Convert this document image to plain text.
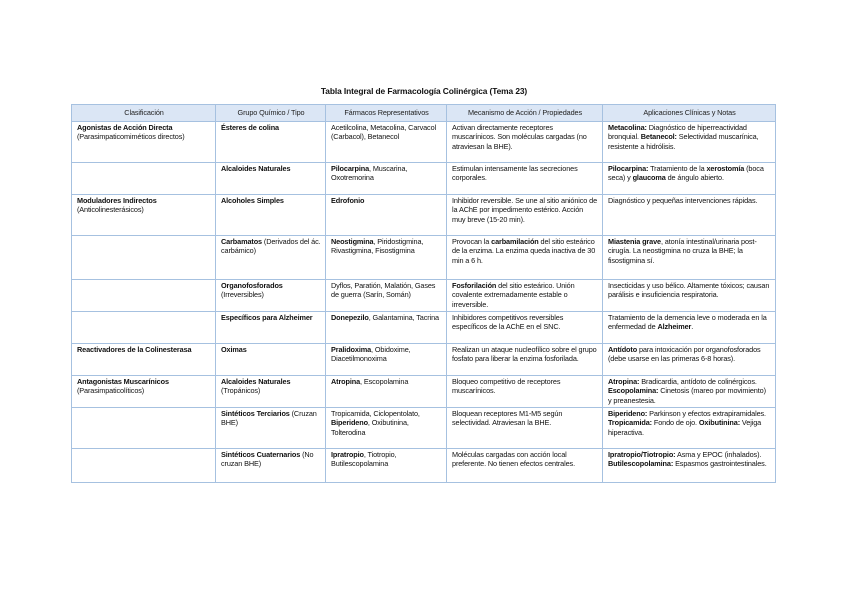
Tabla Integral de Farmacología Colinérgica (Tema 23)
Clasificación	Grupo Químico / Tipo	Fármacos Representativos	Mecanismo de Acción / Propiedades	Aplicaciones Clínicas y Notas
Agonistas de Acción Directa (Parasimpaticomiméticos directos)	Ésteres de colina	Acetilcolina, Metacolina, Carvacol (Carbacol), Betanecol	Activan directamente receptores muscarínicos. Son moléculas cargadas (no atraviesan la BHE).	Metacolina: Diagnóstico de hiperreactividad bronquial. Betanecol: Selectividad muscarínica, resistente a hidrólisis.
	Alcaloides Naturales	Pilocarpina, Muscarina, Oxotremorina	Estimulan intensamente las secreciones corporales.	Pilocarpina: Tratamiento de la xerostomía (boca seca) y glaucoma de ángulo abierto.
Moduladores Indirectos (Anticolinesterásicos)	Alcoholes Simples	Edrofonio	Inhibidor reversible. Se une al sitio aniónico de la AChE por impedimento estérico. Acción muy breve (15-20 min).	Diagnóstico y pequeñas intervenciones rápidas.
	Carbamatos (Derivados del ác. carbámico)	Neostigmina, Piridostigmina, Rivastigmina, Fisostigmina	Provocan la carbamilación del sitio esteárico de la enzima. La enzima queda inactiva de 30 min a 6 h.	Miastenia grave, atonía intestinal/urinaria post-cirugía. La neostigmina no cruza la BHE; la fisostigmina sí.
	Organofosforados (Irreversibles)	Dyflos, Paratión, Malatión, Gases de guerra (Sarín, Somán)	Fosforilación del sitio esteárico. Unión covalente extremadamente estable o irreversible.	Insecticidas y uso bélico. Altamente tóxicos; causan parálisis e insuficiencia respiratoria.
	Específicos para Alzheimer	Donepezilo, Galantamina, Tacrina	Inhibidores competitivos reversibles específicos de la AChE en el SNC.	Tratamiento de la demencia leve o moderada en la enfermedad de Alzheimer.
Reactivadores de la Colinesterasa	Oximas	Pralidoxima, Obidoxime, Diacetilmonoxima	Realizan un ataque nucleofílico sobre el grupo fosfato para liberar la enzima fosforilada.	Antídoto para intoxicación por organofosforados (debe usarse en las primeras 6-8 horas).
Antagonistas Muscarínicos (Parasimpaticolíticos)	Alcaloides Naturales (Tropánicos)	Atropina, Escopolamina	Bloqueo competitivo de receptores muscarínicos.	Atropina: Bradicardia, antídoto de colinérgicos. Escopolamina: Cinetosis (mareo por movimiento) y preanestesia.
	Sintéticos Terciarios (Cruzan BHE)	Tropicamida, Ciclopentolato, Biperideno, Oxibutinina, Tolterodina	Bloquean receptores M1-M5 según selectividad. Atraviesan la BHE.	Biperideno: Parkinson y efectos extrapiramidales. Tropicamida: Fondo de ojo. Oxibutinina: Vejiga hiperactiva.
	Sintéticos Cuaternarios (No cruzan BHE)	Ipratropio, Tiotropio, Butilescopolamina	Moléculas cargadas con acción local preferente. No tienen efectos centrales.	Ipratropio/Tiotropio: Asma y EPOC (inhalados). Butilescopolamina: Espasmos gastrointestinales.
